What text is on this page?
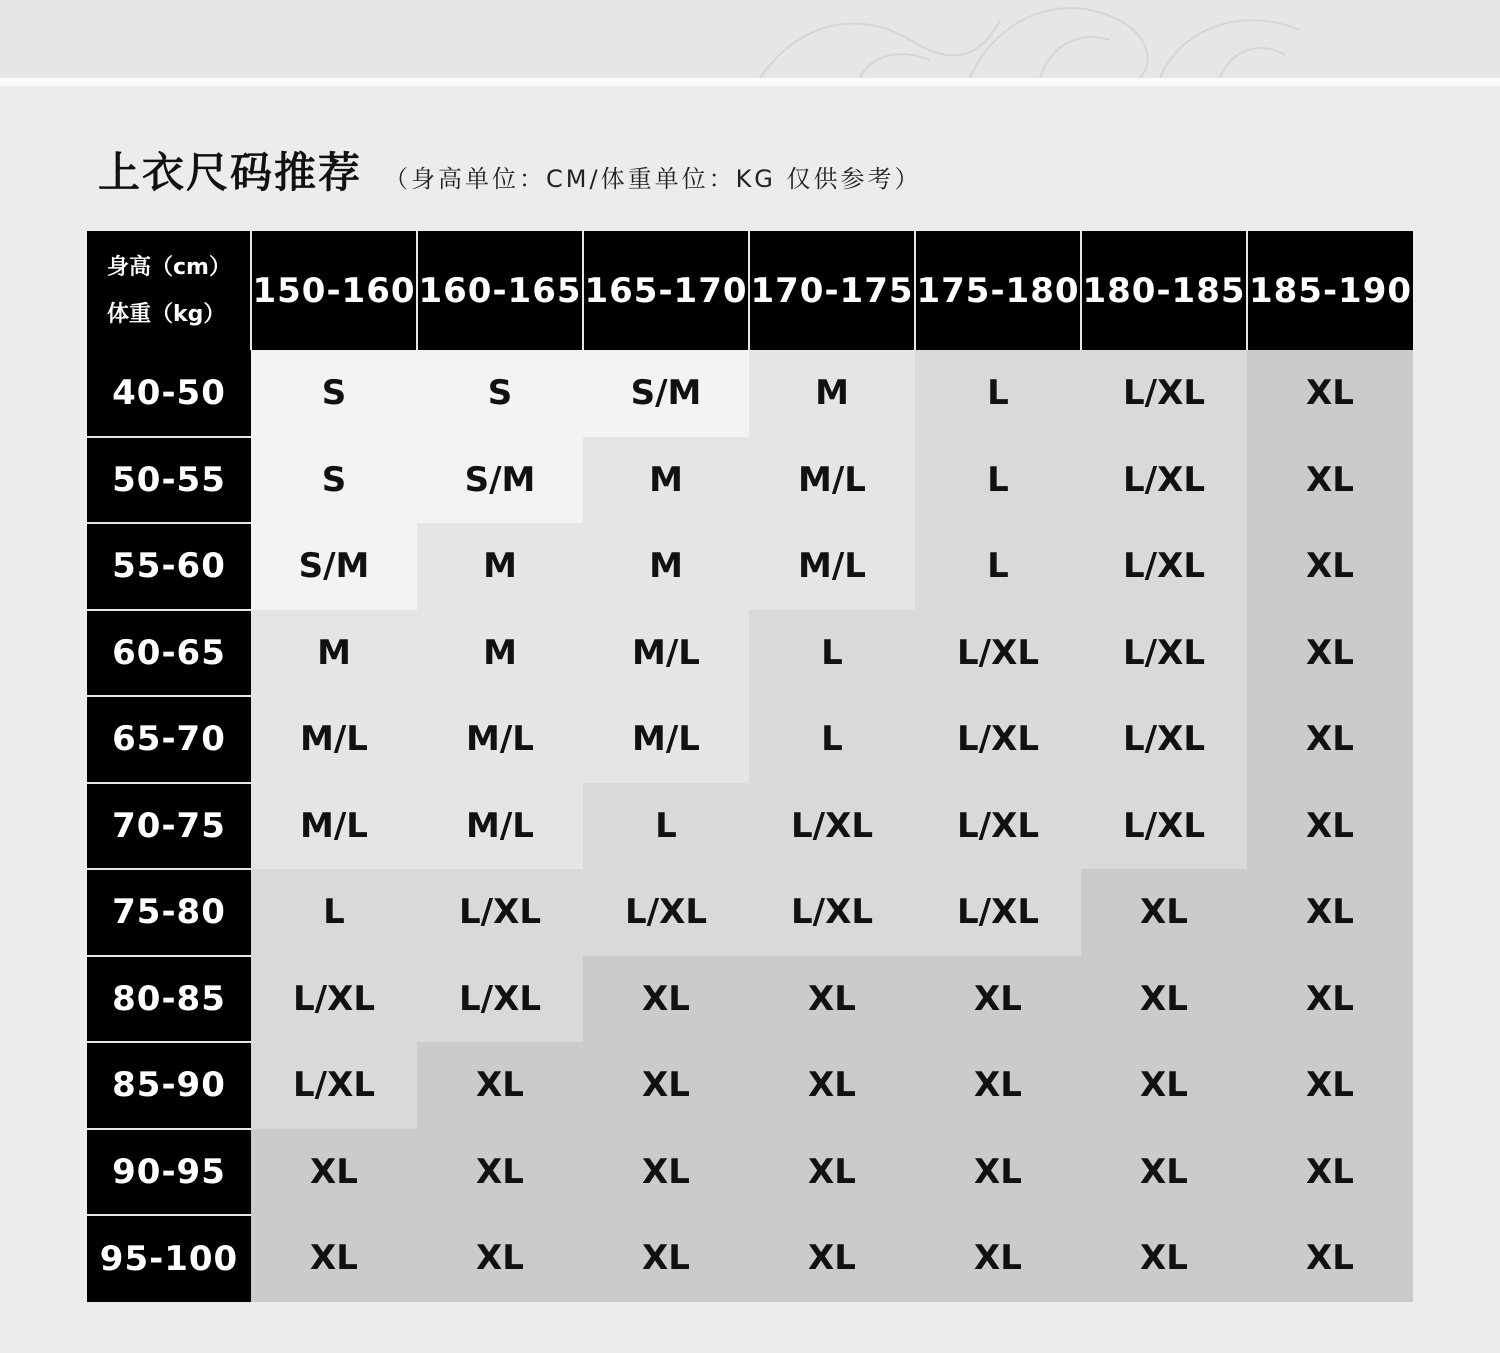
上衣尺码推荐 （身高单位：CM/体重单位：KG 仅供参考）
身高（cm）
体重（kg）	150-160	160-165	165-170	170-175	175-180	180-185	185-190
40-50	S	S	S/M	M	L	L/XL	XL
50-55	S	S/M	M	M/L	L	L/XL	XL
55-60	S/M	M	M	M/L	L	L/XL	XL
60-65	M	M	M/L	L	L/XL	L/XL	XL
65-70	M/L	M/L	M/L	L	L/XL	L/XL	XL
70-75	M/L	M/L	L	L/XL	L/XL	L/XL	XL
75-80	L	L/XL	L/XL	L/XL	L/XL	XL	XL
80-85	L/XL	L/XL	XL	XL	XL	XL	XL
85-90	L/XL	XL	XL	XL	XL	XL	XL
90-95	XL	XL	XL	XL	XL	XL	XL
95-100	XL	XL	XL	XL	XL	XL	XL
